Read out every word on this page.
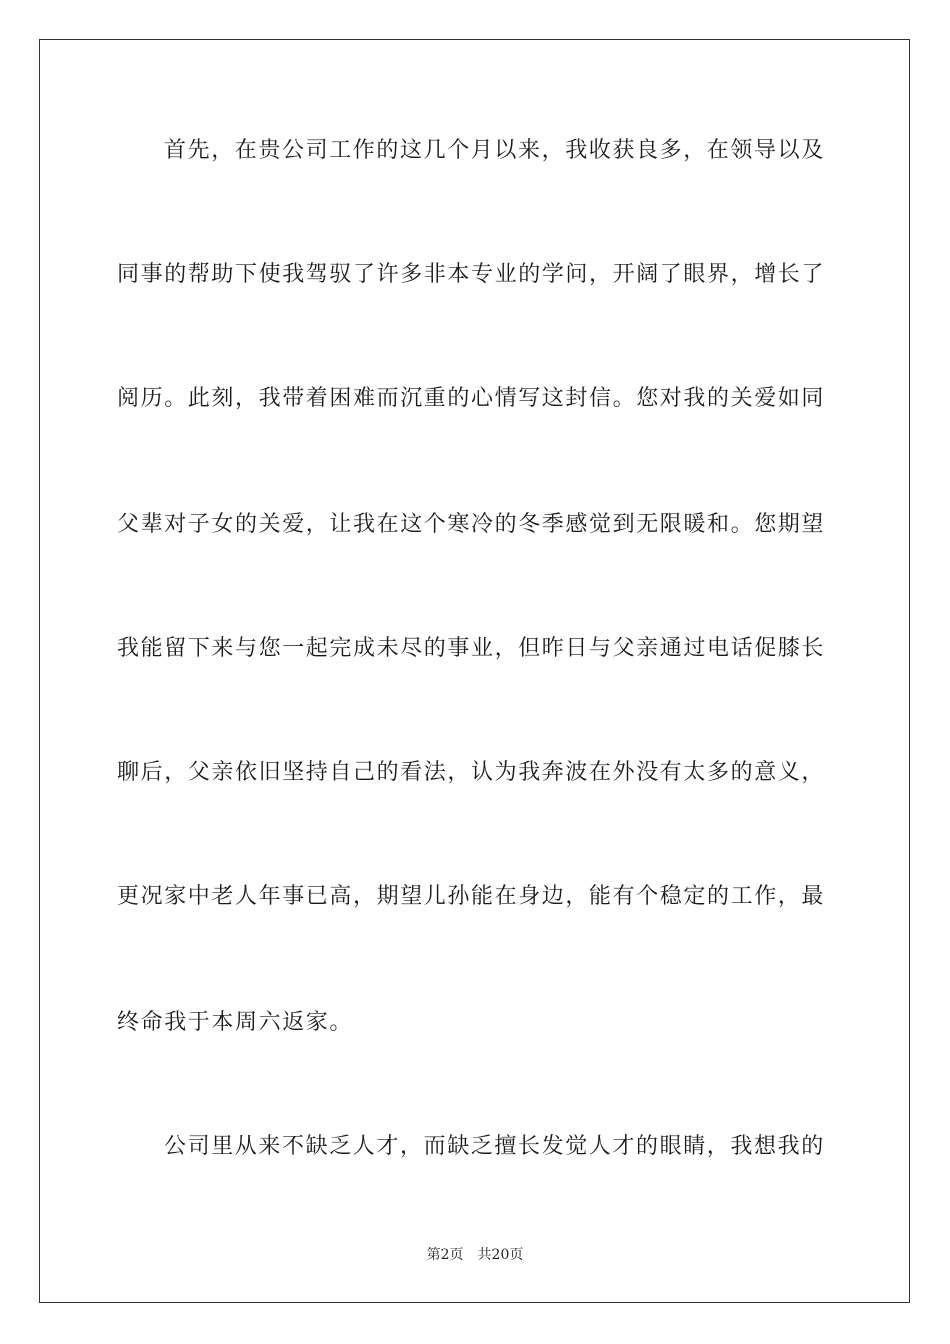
首先，在贵公司工作的这几个月以来，我收获良多，在领导以及
同事的帮助下使我驾驭了许多非本专业的学问，开阔了眼界，增长了
阅历。此刻，我带着困难而沉重的心情写这封信。您对我的关爱如同
父辈对子女的关爱，让我在这个寒冷的冬季感觉到无限暖和。您期望
我能留下来与您一起完成未尽的事业，但昨日与父亲通过电话促膝长
聊后，父亲依旧坚持自己的看法，认为我奔波在外没有太多的意义，
更况家中老人年事已高，期望儿孙能在身边，能有个稳定的工作，最
终命我于本周六返家。
公司里从来不缺乏人才，而缺乏擅长发觉人才的眼睛，我想我的
第2页 共20页
